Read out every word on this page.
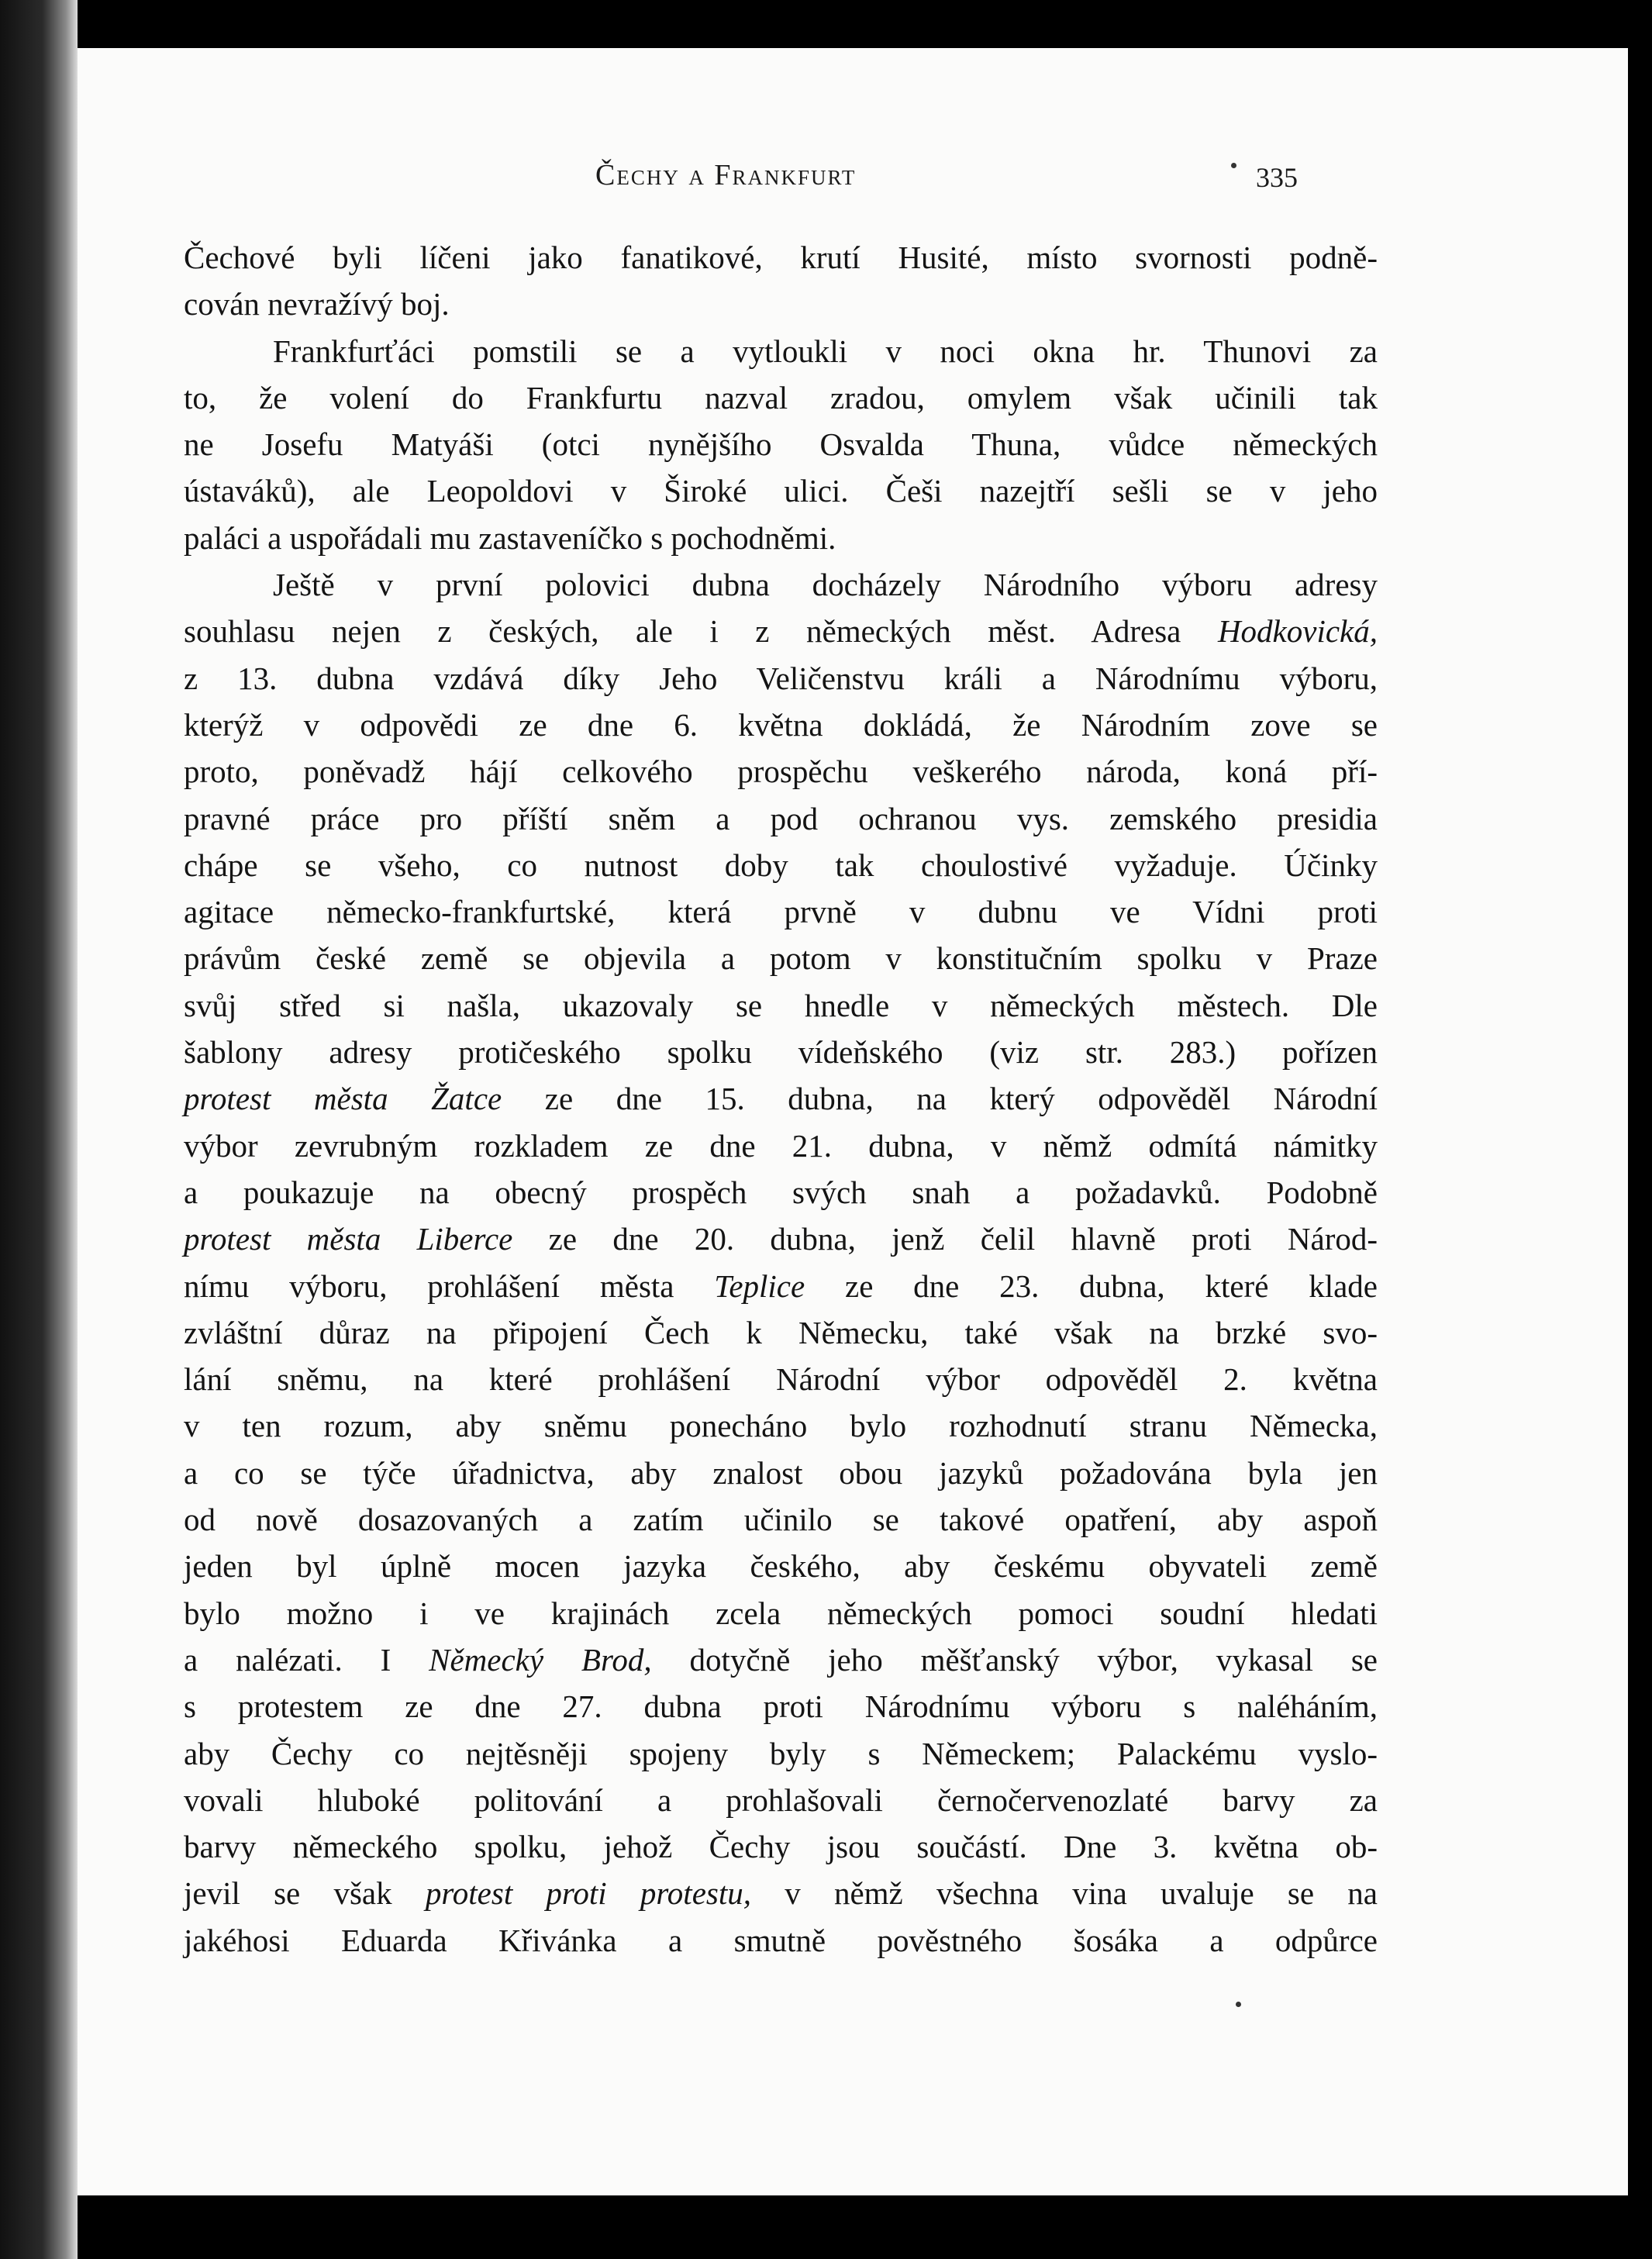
Čechy a Frankfurt	335
Čechové byli líčeni jako fanatikové, krutí Husité, místo svornosti podně-
cován nevražívý boj.
Frankfurťáci pomstili se a vytloukli v noci okna hr. Thunovi za
to, že volení do Frankfurtu nazval zradou, omylem však učinili tak
ne Josefu Matyáši (otci nynějšího Osvalda Thuna, vůdce německých
ústaváků), ale Leopoldovi v Široké ulici. Češi nazejtří sešli se v jeho
paláci a uspořádali mu zastaveníčko s pochodněmi.
Ještě v první polovici dubna docházely Národního výboru adresy
souhlasu nejen z českých, ale i z německých měst. Adresa Hodkovická,
z 13. dubna vzdává díky Jeho Veličenstvu králi a Národnímu výboru,
kterýž v odpovědi ze dne 6. května dokládá, že Národním zove se
proto, poněvadž hájí celkového prospěchu veškerého národa, koná pří-
pravné práce pro příští sněm a pod ochranou vys. zemského presidia
chápe se všeho, co nutnost doby tak choulostivé vyžaduje. Účinky
agitace německo-frankfurtské, která prvně v dubnu ve Vídni proti
právům české země se objevila a potom v konstitučním spolku v Praze
svůj střed si našla, ukazovaly se hnedle v německých městech. Dle
šablony adresy protičeského spolku vídeňského (viz str. 283.) pořízen
protest města Žatce ze dne 15. dubna, na který odpověděl Národní
výbor zevrubným rozkladem ze dne 21. dubna, v němž odmítá námitky
a poukazuje na obecný prospěch svých snah a požadavků. Podobně
protest města Liberce ze dne 20. dubna, jenž čelil hlavně proti Národ-
nímu výboru, prohlášení města Teplice ze dne 23. dubna, které klade
zvláštní důraz na připojení Čech k Německu, také však na brzké svo-
lání sněmu, na které prohlášení Národní výbor odpověděl 2. května
v ten rozum, aby sněmu ponecháno bylo rozhodnutí stranu Německa,
a co se týče úřadnictva, aby znalost obou jazyků požadována byla jen
od nově dosazovaných a zatím učinilo se takové opatření, aby aspoň
jeden byl úplně mocen jazyka českého, aby českému obyvateli země
bylo možno i ve krajinách zcela německých pomoci soudní hledati
a nalézati. I Německý Brod, dotyčně jeho měšťanský výbor, vykasal se
s protestem ze dne 27. dubna proti Národnímu výboru s naléháním,
aby Čechy co nejtěsněji spojeny byly s Německem; Palackému vyslo-
vovali hluboké politování a prohlašovali černočervenozlaté barvy za
barvy německého spolku, jehož Čechy jsou součástí. Dne 3. května ob-
jevil se však protest proti protestu, v němž všechna vina uvaluje se na
jakéhosi Eduarda Křivánka a smutně pověstného šosáka a odpůrce
